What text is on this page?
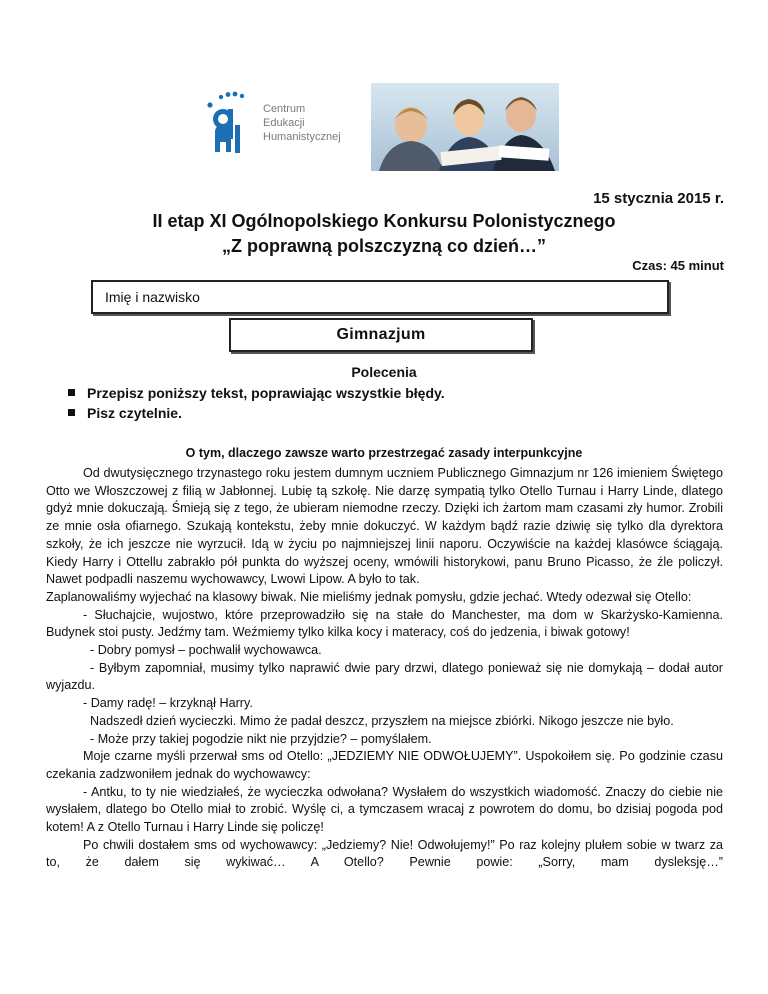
Centrum
Edukacji
Humanistycznej
15 stycznia 2015 r.
II etap XI Ogólnopolskiego Konkursu Polonistycznego
„Z poprawną polszczyzną co dzień…”
Czas: 45 minut
Imię i nazwisko
Gimnazjum
Polecenia
Przepisz poniższy tekst, poprawiając wszystkie błędy.
Pisz czytelnie.
O tym, dlaczego zawsze warto przestrzegać zasady interpunkcyjne

Od dwutysięcznego trzynastego roku jestem dumnym uczniem Publicznego Gimnazjum nr 126 imieniem Świętego Otto we Włoszczowej z filią w Jabłonnej. Lubię tą szkołę. Nie darzę sympatią tylko Otello Turnau i Harry Linde, dlatego gdyż mnie dokuczają. Śmieją się z tego, że ubieram niemodne rzeczy. Dzięki ich żartom mam czasami zły humor. Zrobili ze mnie osła ofiarnego. Szukają kontekstu, żeby mnie dokuczyć. W każdym bądź razie dziwię się tylko dla dyrektora szkoły, że ich jeszcze nie wyrzucił. Idą w życiu po najmniejszej linii naporu. Oczywiście na każdej klasówce ściągają. Kiedy Harry i Ottellu zabrakło pół punkta do wyższej oceny, wmówili historykowi, panu Bruno Picasso, że źle policzył. Nawet podpadli naszemu wychowawcy, Lwowi Lipow. A było to tak.

Zaplanowaliśmy wyjechać na klasowy biwak. Nie mieliśmy jednak pomysłu, gdzie jechać. Wtedy odezwał się Otello:

- Słuchajcie, wujostwo, które przeprowadziło się na stałe do Manchester, ma dom w Skarżysko-Kamienna. Budynek stoi pusty. Jedźmy tam. Weźmiemy tylko kilka kocy i materacy, coś do jedzenia, i biwak gotowy!

- Dobry pomysł – pochwalił wychowawca.

- Byłbym zapomniał, musimy tylko naprawić dwie pary drzwi, dlatego ponieważ się nie domykają – dodał autor wyjazdu.

- Damy radę! – krzyknął Harry.

Nadszedł dzień wycieczki. Mimo że padał deszcz, przyszłem na miejsce zbiórki. Nikogo jeszcze nie było.

- Może przy takiej pogodzie nikt nie przyjdzie? – pomyślałem.

Moje czarne myśli przerwał sms od Otello: „JEDZIEMY NIE ODWOŁUJEMY”. Uspokoiłem się. Po godzinie czasu czekania zadzwoniłem jednak do wychowawcy:

- Antku, to ty nie wiedziałeś, że wycieczka odwołana? Wysłałem do wszystkich wiadomość. Znaczy do ciebie nie wysłałem, dlatego bo Otello miał to zrobić. Wyślę ci, a tymczasem wracaj z powrotem do domu, bo dzisiaj pogoda pod kotem! A z Otello Turnau i Harry Linde się policzę!

Po chwili dostałem sms od wychowawcy: „Jedziemy? Nie! Odwołujemy!” Po raz kolejny plułem sobie w twarz za to, że dałem się wykiwać… A Otello? Pewnie powie: „Sorry, mam dysleksję…”
